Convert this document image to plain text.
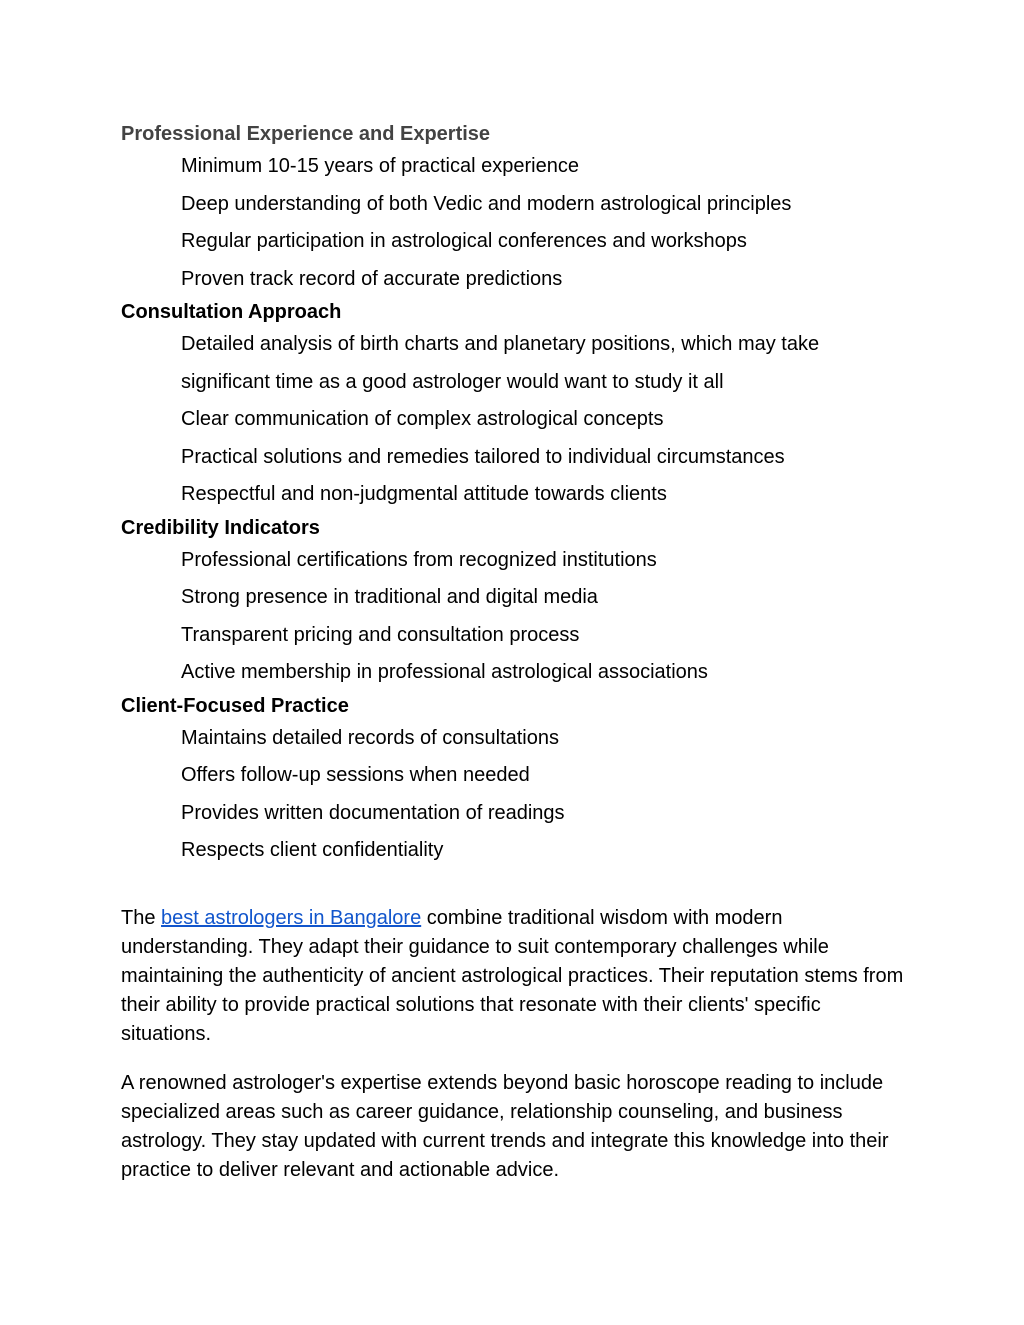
Professional Experience and Expertise

Minimum 10-15 years of practical experience

Deep understanding of both Vedic and modern astrological principles

Regular participation in astrological conferences and workshops

Proven track record of accurate predictions

Consultation Approach

Detailed analysis of birth charts and planetary positions, which may take

significant time as a good astrologer would want to study it all

Clear communication of complex astrological concepts

Practical solutions and remedies tailored to individual circumstances

Respectful and non-judgmental attitude towards clients

Credibility Indicators

Professional certifications from recognized institutions

Strong presence in traditional and digital media

Transparent pricing and consultation process

Active membership in professional astrological associations

Client-Focused Practice

Maintains detailed records of consultations

Offers follow-up sessions when needed

Provides written documentation of readings

Respects client confidentiality

The best astrologers in Bangalore combine traditional wisdom with modern understanding. They adapt their guidance to suit contemporary challenges while maintaining the authenticity of ancient astrological practices. Their reputation stems from their ability to provide practical solutions that resonate with their clients' specific situations.

A renowned astrologer's expertise extends beyond basic horoscope reading to include specialized areas such as career guidance, relationship counseling, and business astrology. They stay updated with current trends and integrate this knowledge into their practice to deliver relevant and actionable advice.
